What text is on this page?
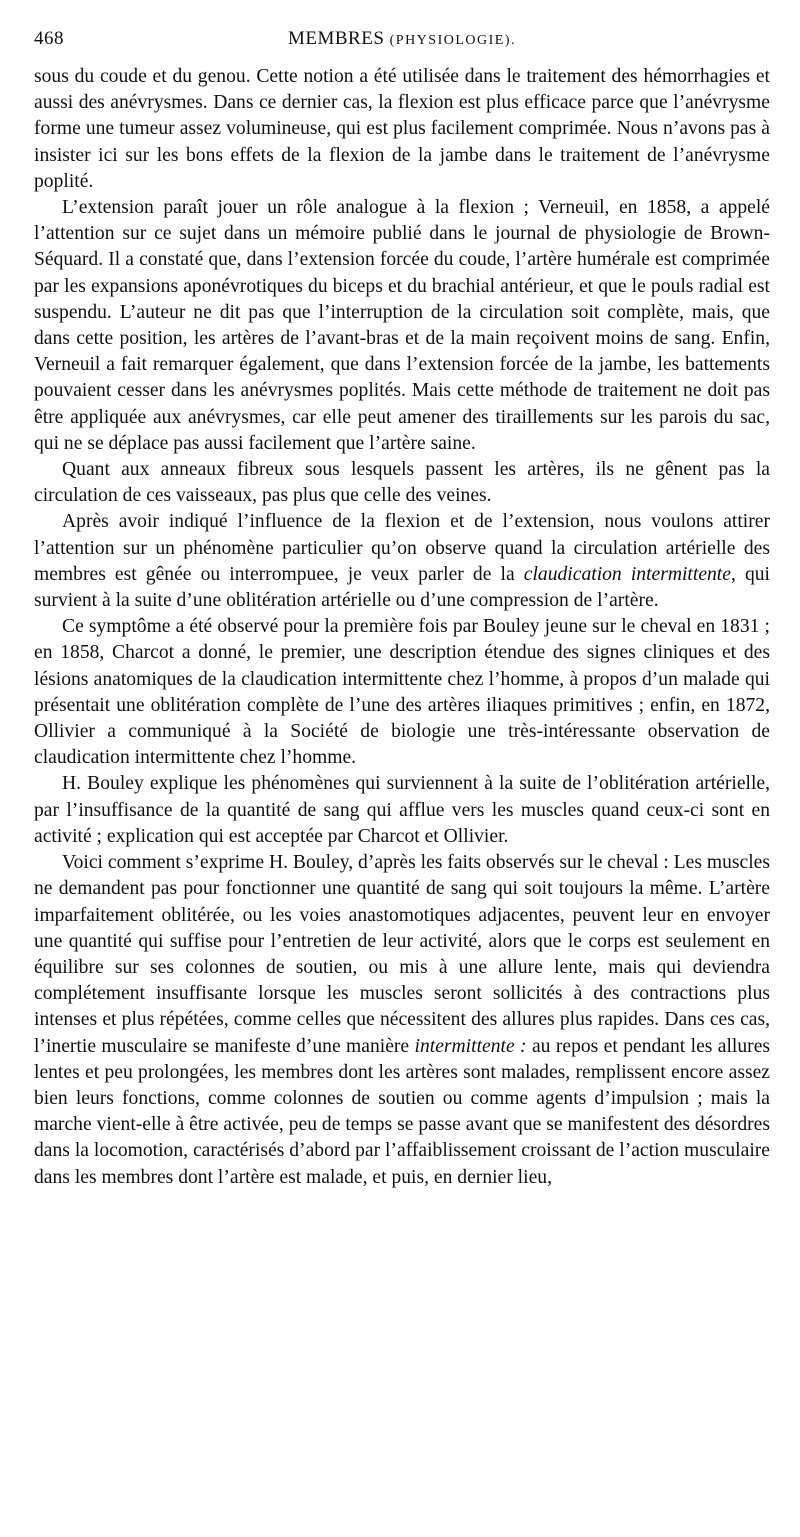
468	MEMBRES (PHYSIOLOGIE).

sous du coude et du genou. Cette notion a été utilisée dans le traitement des hémorrhagies et aussi des anévrysmes. Dans ce dernier cas, la flexion est plus efficace parce que l’anévrysme forme une tumeur assez volumineuse, qui est plus facilement comprimée. Nous n’avons pas à insister ici sur les bons effets de la flexion de la jambe dans le traitement de l’anévrysme poplité.

L’extension paraît jouer un rôle analogue à la flexion ; Verneuil, en 1858, a appelé l’attention sur ce sujet dans un mémoire publié dans le journal de physiologie de Brown-Séquard. Il a constaté que, dans l’extension forcée du coude, l’artère humérale est comprimée par les expansions aponévrotiques du biceps et du brachial antérieur, et que le pouls radial est suspendu. L’auteur ne dit pas que l’interruption de la circulation soit complète, mais, que dans cette position, les artères de l’avant-bras et de la main reçoivent moins de sang. Enfin, Verneuil a fait remarquer également, que dans l’extension forcée de la jambe, les battements pouvaient cesser dans les anévrysmes poplités. Mais cette méthode de traitement ne doit pas être appliquée aux anévrysmes, car elle peut amener des tiraillements sur les parois du sac, qui ne se déplace pas aussi facilement que l’artère saine.

Quant aux anneaux fibreux sous lesquels passent les artères, ils ne gênent pas la circulation de ces vaisseaux, pas plus que celle des veines.

Après avoir indiqué l’influence de la flexion et de l’extension, nous voulons attirer l’attention sur un phénomène particulier qu’on observe quand la circulation artérielle des membres est gênée ou interrompuee, je veux parler de la claudication intermittente, qui survient à la suite d’une oblitération artérielle ou d’une compression de l’artère.

Ce symptôme a été observé pour la première fois par Bouley jeune sur le cheval en 1831 ; en 1858, Charcot a donné, le premier, une description étendue des signes cliniques et des lésions anatomiques de la claudication intermittente chez l’homme, à propos d’un malade qui présentait une oblitération complète de l’une des artères iliaques primitives ; enfin, en 1872, Ollivier a communiqué à la Société de biologie une très-intéressante observation de claudication intermittente chez l’homme.

H. Bouley explique les phénomènes qui surviennent à la suite de l’oblitération artérielle, par l’insuffisance de la quantité de sang qui afflue vers les muscles quand ceux-ci sont en activité ; explication qui est acceptée par Charcot et Ollivier.

Voici comment s’exprime H. Bouley, d’après les faits observés sur le cheval : Les muscles ne demandent pas pour fonctionner une quantité de sang qui soit toujours la même. L’artère imparfaitement oblitérée, ou les voies anastomotiques adjacentes, peuvent leur en envoyer une quantité qui suffise pour l’entretien de leur activité, alors que le corps est seulement en équilibre sur ses colonnes de soutien, ou mis à une allure lente, mais qui deviendra complétement insuffisante lorsque les muscles seront sollicités à des contractions plus intenses et plus répétées, comme celles que nécessitent des allures plus rapides. Dans ces cas, l’inertie musculaire se manifeste d’une manière intermittente : au repos et pendant les allures lentes et peu prolongées, les membres dont les artères sont malades, remplissent encore assez bien leurs fonctions, comme colonnes de soutien ou comme agents d’impulsion ; mais la marche vient-elle à être activée, peu de temps se passe avant que se manifestent des désordres dans la locomotion, caractérisés d’abord par l’affaiblissement croissant de l’action musculaire dans les membres dont l’artère est malade, et puis, en dernier lieu,
